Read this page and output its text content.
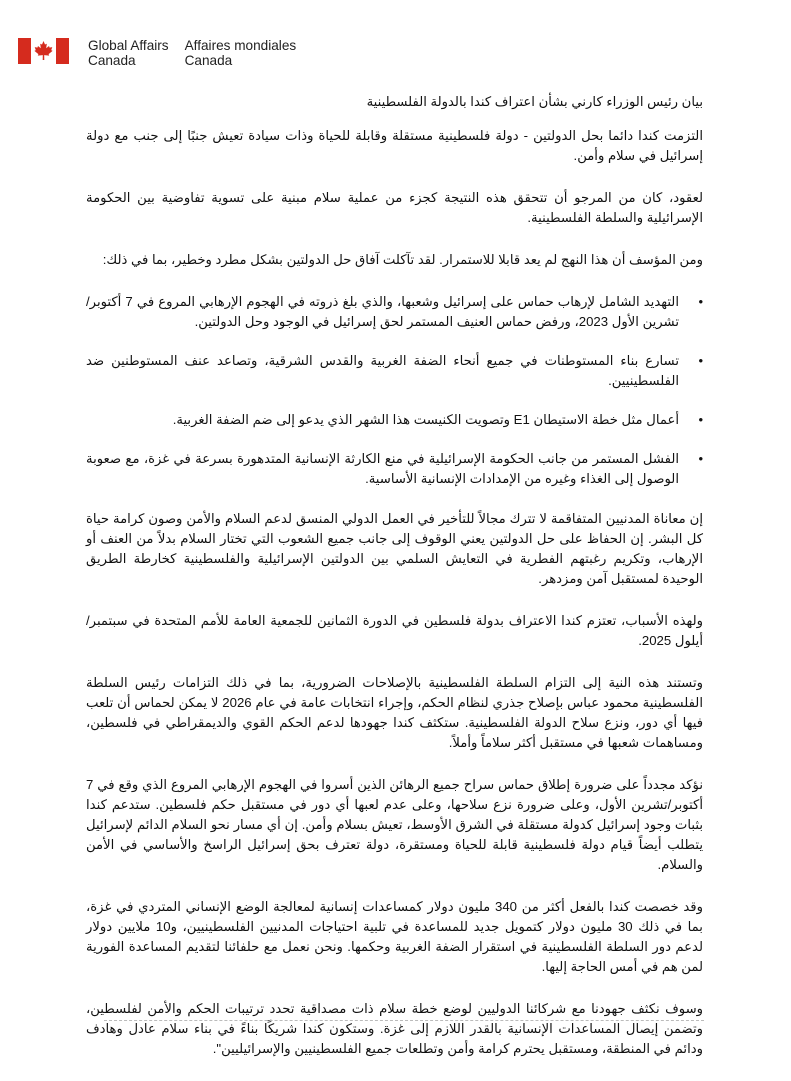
Global Affairs
Canada
Affaires mondiales
Canada

بيان رئيس الوزراء كارني بشأن اعتراف كندا بالدولة الفلسطينية

التزمت كندا دائما بحل الدولتين - دولة فلسطينية مستقلة وقابلة للحياة وذات سيادة تعيش جنبًا إلى جنب مع دولة إسرائيل في سلام وأمن.

لعقود، كان من المرجو أن تتحقق هذه النتيجة كجزء من عملية سلام مبنية على تسوية تفاوضية بين الحكومة الإسرائيلية والسلطة الفلسطينية.

ومن المؤسف أن هذا النهج لم يعد قابلا للاستمرار. لقد تآكلت آفاق حل الدولتين بشكل مطرد وخطير، بما في ذلك:

•
التهديد الشامل لإرهاب حماس على إسرائيل وشعبها، والذي بلغ ذروته في الهجوم الإرهابي المروع في 7 أكتوبر/تشرين الأول 2023، ورفض حماس العنيف المستمر لحق إسرائيل في الوجود وحل الدولتين.
•
تسارع بناء المستوطنات في جميع أنحاء الضفة الغربية والقدس الشرقية، وتصاعد عنف المستوطنين ضد الفلسطينيين.
•
أعمال مثل خطة الاستيطان E1 وتصويت الكنيست هذا الشهر الذي يدعو إلى ضم الضفة الغربية.
•
الفشل المستمر من جانب الحكومة الإسرائيلية في منع الكارثة الإنسانية المتدهورة بسرعة في غزة، مع صعوبة الوصول إلى الغذاء وغيره من الإمدادات الإنسانية الأساسية.

إن معاناة المدنيين المتفاقمة لا تترك مجالاً للتأخير في العمل الدولي المنسق لدعم السلام والأمن وصون كرامة حياة كل البشر. إن الحفاظ على حل الدولتين يعني الوقوف إلى جانب جميع الشعوب التي تختار السلام بدلاً من العنف أو الإرهاب، وتكريم رغبتهم الفطرية في التعايش السلمي بين الدولتين الإسرائيلية والفلسطينية كخارطة الطريق الوحيدة لمستقبل آمن ومزدهر.

ولهذه الأسباب، تعتزم كندا الاعتراف بدولة فلسطين في الدورة الثمانين للجمعية العامة للأمم المتحدة في سبتمبر/أيلول 2025.

وتستند هذه النية إلى التزام السلطة الفلسطينية بالإصلاحات الضرورية، بما في ذلك التزامات رئيس السلطة الفلسطينية محمود عباس بإصلاح جذري لنظام الحكم، وإجراء انتخابات عامة في عام 2026 لا يمكن لحماس أن تلعب فيها أي دور، ونزع سلاح الدولة الفلسطينية. ستكثف كندا جهودها لدعم الحكم القوي والديمقراطي في فلسطين، ومساهمات شعبها في مستقبل أكثر سلاماً وأملاً.

نؤكد مجدداً على ضرورة إطلاق حماس سراح جميع الرهائن الذين أسروا في الهجوم الإرهابي المروع الذي وقع في 7 أكتوبر/تشرين الأول، وعلى ضرورة نزع سلاحها، وعلى عدم لعبها أي دور في مستقبل حكم فلسطين. ستدعم كندا بثبات وجود إسرائيل كدولة مستقلة في الشرق الأوسط، تعيش بسلام وأمن. إن أي مسار نحو السلام الدائم لإسرائيل يتطلب أيضاً قيام دولة فلسطينية قابلة للحياة ومستقرة، دولة تعترف بحق إسرائيل الراسخ والأساسي في الأمن والسلام.

وقد خصصت كندا بالفعل أكثر من 340 مليون دولار كمساعدات إنسانية لمعالجة الوضع الإنساني المتردي في غزة، بما في ذلك 30 مليون دولار كتمويل جديد للمساعدة في تلبية احتياجات المدنيين الفلسطينيين، و10 ملايين دولار لدعم دور السلطة الفلسطينية في استقرار الضفة الغربية وحكمها. ونحن نعمل مع حلفائنا لتقديم المساعدة الفورية لمن هم في أمس الحاجة إليها.

وسوف نكثف جهودنا مع شركائنا الدوليين لوضع خطة سلام ذات مصداقية تحدد ترتيبات الحكم والأمن لفلسطين، وتضمن إيصال المساعدات الإنسانية بالقدر اللازم إلى غزة. وستكون كندا شريكًا بناءً في بناء سلام عادل وهادف ودائم في المنطقة، ومستقبل يحترم كرامة وأمن وتطلعات جميع الفلسطينيين والإسرائيليين".
